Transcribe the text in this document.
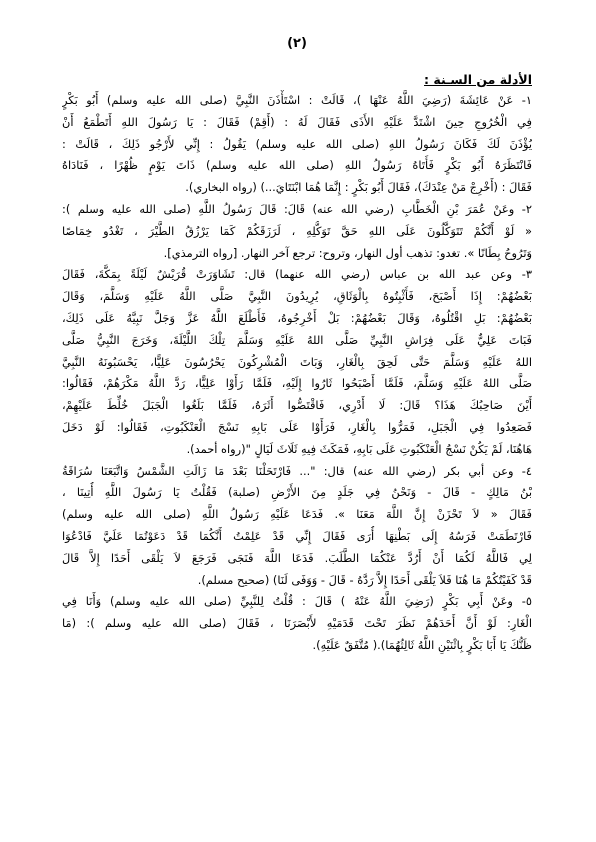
(٢)
الأدلة من السـنة :
١- عَنْ عَائِشَةَ (رَضِيَ اللَّهُ عَنْهَا )، قَالَتْ : اسْتَأْذَنَ النَّبِيَّ (صلى الله عليه وسلم) أَبُو بَكْرٍ
فِي الْخُرُوجِ حِينَ اشْتَدَّ عَلَيْهِ الأَذَى فَقَالَ لَهُ : (أَقِمْ) فَقَالَ : يَا رَسُولَ اللهِ أَتَطْمَعُ أَنْ
يُؤْذَنَ لَكَ فَكَانَ رَسُولُ اللهِ (صلى الله عليه وسلم) يَقُولُ : إِنِّي لأَرْجُو ذَلِكَ ، قَالَتْ :
فَانْتَظَرَهُ أَبُو بَكْرٍ فَأَتَاهُ رَسُولُ اللهِ (صلى الله عليه وسلم) ذَاتَ يَوْمٍ ظُهْرًا ، فَنَادَاهُ
فَقَالَ : (أَخْرِجْ مَنْ عِنْدَكَ)، فَقَالَ أَبُو بَكْرٍ : إِنَّمَا هُمَا ابْنَتَايَ...) (رواه البخاري).
٢- وعَنْ عُمَرَ بْنِ الْخَطَّابِ (رضي الله عنه) قَالَ: قَالَ رَسُولُ اللَّهِ (صلى الله عليه وسلم ):
« لَوْ أَنَّكُمْ تَتَوَكَّلُونَ عَلَى اللهِ حَقَّ تَوَكُّلِهِ ، لَرَزَقَكُمْ كَمَا يَرْزُقُ الطَّيْرَ ، تَغْدُو خِمَاصًا
وَتَرُوحُ بِطَانًا ». تغدو: تذهب أول النهار، وتروح: ترجع آخر النهار. [رواه الترمذي].
٣- وعن عبد الله بن عباس (رضي الله عنهما) قال: تَشَاوَرَتْ قُرَيْشٌ لَيْلَةً بِمَكَّةَ، فَقَالَ
بَعْضُهُمْ: إِذَا أَصْبَحَ، فَأَثْبِتُوهُ بِالْوَثَاقِ، يُرِيدُونَ النَّبِيَّ صَلَّى اللَّهُ عَلَيْهِ وَسَلَّمَ، وَقَالَ
بَعْضُهُمْ: بَلِ اقْتُلُوهُ، وَقَالَ بَعْضُهُمْ: بَلْ أَخْرِجُوهُ، فَأَطْلَعَ اللَّهُ عَزَّ وَجَلَّ نَبِيَّهُ عَلَى ذَلِكَ،
فَبَاتَ عَلِيٌّ عَلَى فِرَاشِ النَّبِيِّ صَلَّى اللهُ عَلَيْهِ وَسَلَّمَ تِلْكَ اللَّيْلَةَ، وَخَرَجَ النَّبِيُّ صَلَّى
اللهُ عَلَيْهِ وَسَلَّمَ حَتَّى لَحِقَ بِالْغَارِ، وَبَاتَ الْمُشْرِكُونَ يَحْرُسُونَ عَلِيًّا، يَحْسَبُونَهُ النَّبِيَّ
صَلَّى اللهُ عَلَيْهِ وَسَلَّمَ، فَلَمَّا أَصْبَحُوا ثَارُوا إِلَيْهِ، فَلَمَّا رَأَوْا عَلِيًّا، رَدَّ اللَّهُ مَكْرَهُمْ، فَقَالُوا:
أَيْنَ صَاحِبُكَ هَذَا؟ قَالَ: لَا أَدْرِي، فَاقْتَصُّوا أَثَرَهُ، فَلَمَّا بَلَغُوا الْجَبَلَ خُلِّطَ عَلَيْهِمْ،
فَصَعِدُوا فِي الْجَبَلِ، فَمَرُّوا بِالْغَارِ، فَرَأَوْا عَلَى بَابِهِ نَسْجَ الْعَنْكَبُوتِ، فَقَالُوا: لَوْ دَخَلَ
هَاهُنَا، لَمْ يَكُنْ نَسْجُ الْعَنْكَبُوتِ عَلَى بَابِهِ، فَمَكَثَ فِيهِ ثَلَاثَ لَيَالٍ "(رواه أحمد).
٤- وعن أبي بكر (رضي الله عنه) قال: "... فَارْتَحَلْنَا بَعْدَ مَا زَالَتِ الشَّمْسُ وَاتَّبَعَنَا سُرَاقَةُ
بْنُ مَالِكٍ - قَالَ - وَنَحْنُ فِي جَلَدٍ مِنَ الأَرْضِ (صلبة) فَقُلْتُ يَا رَسُولَ اللَّهِ أُتِينَا ،
فَقَالَ « لاَ تَحْزَنْ إِنَّ اللَّهَ مَعَنَا ». فَدَعَا عَلَيْهِ رَسُولُ اللَّهِ (صلى الله عليه وسلم)
فَارْتَطَمَتْ فَرَسُهُ إِلَى بَطْنِهَا أُرَى فَقَالَ إِنِّي قَدْ عَلِمْتُ أَنَّكُمَا قَدْ دَعَوْتُمَا عَلَيَّ فَادْعُوَا
لِي فَاللَّهُ لَكُمَا أَنْ أَرُدَّ عَنْكُمَا الطَّلَبَ. فَدَعَا اللَّهَ فَنَجَى فَرَجَعَ لاَ يَلْقَى أَحَدًا إِلاَّ قَالَ
قَدْ كَفَيْتُكُمْ مَا هُنَا فَلاَ يَلْقَى أَحَدًا إِلاَّ رَدَّهُ - قَالَ - وَوَفَى لَنَا) (صحيح مسلم).
٥- وعَنْ أَبِي بَكْرٍ (رَضِيَ اللَّهُ عَنْهُ ) قَالَ : قُلْتُ لِلنَّبِيِّ (صلى الله عليه وسلم) وَأَنَا فِي
الْغَارِ: لَوْ أَنَّ أَحَدَهُمْ نَظَرَ تَحْتَ قَدَمَيْهِ لأَبْصَرَنَا ، فَقَالَ (صلى الله عليه وسلم ): (مَا
ظَنُّكَ يَا أَبَا بَكْرٍ بِاثْنَيْنِ اللَّهُ ثَالِثُهُمَا).( مُتَّفَقٌ عَلَيْهِ).
